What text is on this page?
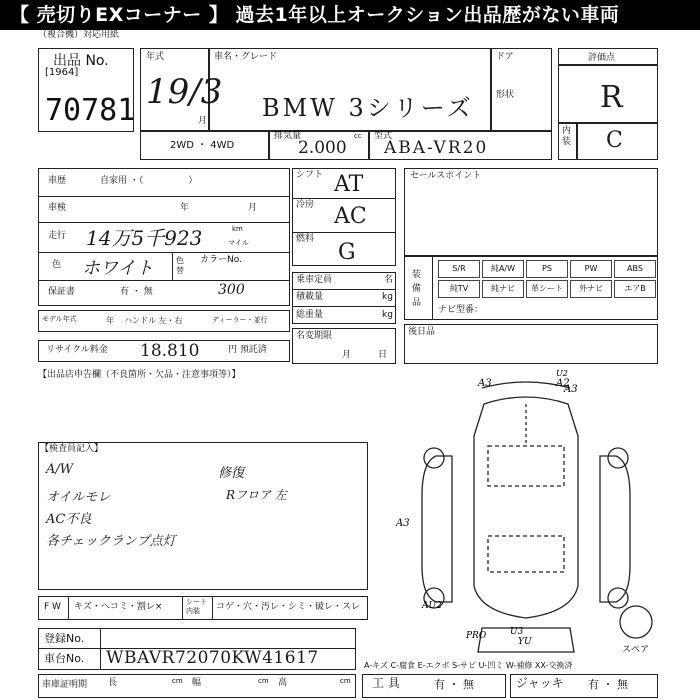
【 売切りEXコーナー 】 過去1年以上オークション出品歴がない車両
（複合機）対応用紙
出品 No.
[1964]
70781
年式
19/3
月
車名・グレード
BMW 3シリーズ
ドア
形状
評価点
R
内装 C
2WD ・ 4WD
排気量	cc
2.000
型式
ABA-VR20
車歴	自家用 ・（　　　　　）
車検	年	月
走行 14万5千923	km
マイル
色 ホワイト	色替
カラーNo.
300
保証書	有 ・ 無
モデル年式	年 ハンドル 左・右	ディーラー・並行
リサイクル料金 18.810	円 預託済
シフト AT
冷房 AC
燃料
G
乗車定員	名
積載量	kg
総重量	kg
名変期限
月	日
セールスポイント
装備品
ナビ型番：
後日品
【出品店申告欄（不良箇所・欠品・注意事項等）】
【検査員記入】
A/W
オイルモレ
AC不良
各チェックランプ点灯
修復
Rフロア 左
F W キズ・ヘコミ・割レ×	シート内装	コゲ・穴・汚レ・シミ・破レ・スレ
登録No.
車台No. WBAVR72070KW41617	A-キズ C-腐食 E-エクボ S-サビ U-凹ミ W-補修 XX-交換済
車庫証明期 長	cm 幅	cm 高	cm 工 具	有 ・ 無	ジャッキ 有 ・ 無
A3	A2
A3
A3
AU2
PRO	U3
YU
U2
スペア
S/R	純A/W	PS	PW	ABS
純TV	純ナビ	革シート	外ナビ	エアB
